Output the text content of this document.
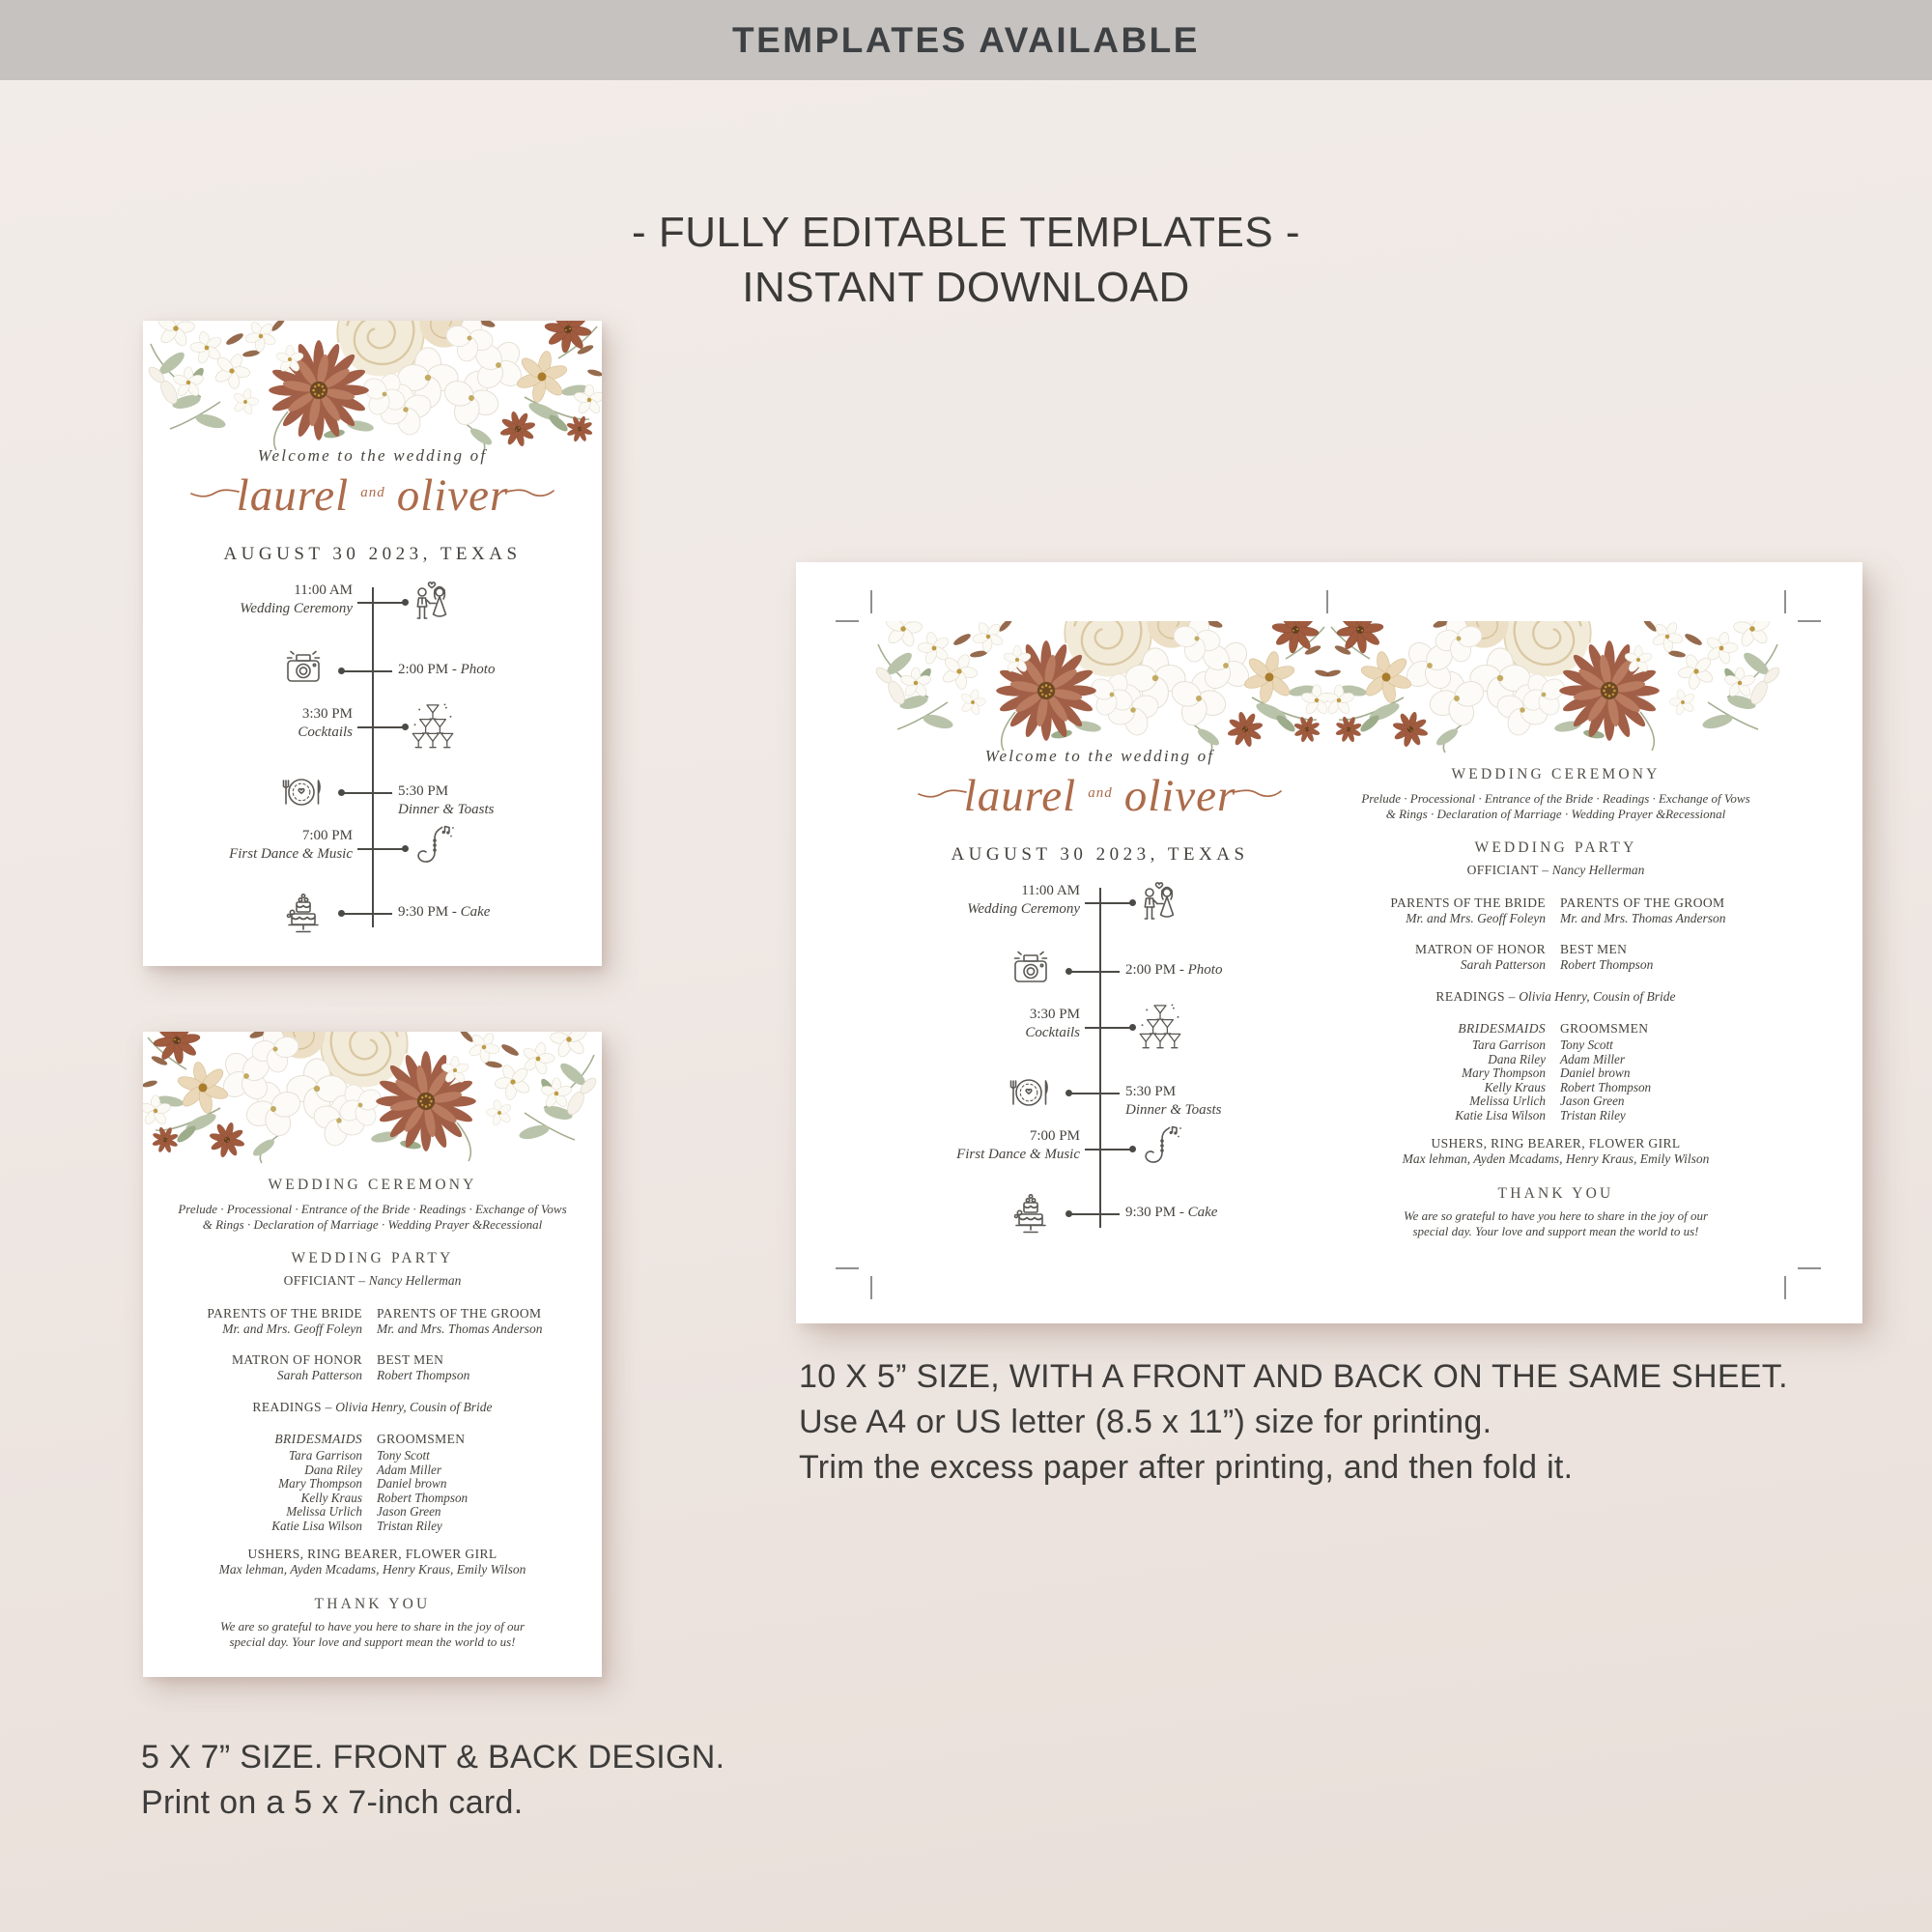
TEMPLATES AVAILABLE
- FULLY EDITABLE TEMPLATES -
INSTANT DOWNLOAD

Welcome to the wedding of

laurel and oliver

AUGUST 30 2023, TEXAS

11:00 AM
Wedding Ceremony

2:00 PM - Photo

3:30 PM
Cocktails

5:30 PM
Dinner & Toasts

7:00 PM
First Dance & Music

9:30 PM - Cake

WEDDING CEREMONY

Prelude · Processional · Entrance of the Bride · Readings · Exchange of Vows
& Rings · Declaration of Marriage · Wedding Prayer &Recessional

WEDDING PARTY

OFFICIANT – Nancy Hellerman

PARENTS OF THE BRIDE
Mr. and Mrs. Geoff Foleyn
PARENTS OF THE GROOM
Mr. and Mrs. Thomas Anderson
MATRON OF HONOR
Sarah Patterson
BEST MEN
Robert Thompson

READINGS – Olivia Henry, Cousin of Bride

BRIDESMAIDS
Tara Garrison
Dana Riley
Mary Thompson
Kelly Kraus
Melissa Urlich
Katie Lisa Wilson
GROOMSMEN
Tony Scott
Adam Miller
Daniel brown
Robert Thompson
Jason Green
Tristan Riley

USHERS, RING BEARER, FLOWER GIRL

Max lehman, Ayden Mcadams, Henry Kraus, Emily Wilson

THANK YOU

We are so grateful to have you here to share in the joy of our
special day. Your love and support mean the world to us!

Welcome to the wedding of

laurel and oliver

AUGUST 30 2023, TEXAS

11:00 AM
Wedding Ceremony

2:00 PM - Photo

3:30 PM
Cocktails

5:30 PM
Dinner & Toasts

7:00 PM
First Dance & Music

9:30 PM - Cake

WEDDING CEREMONY

Prelude · Processional · Entrance of the Bride · Readings · Exchange of Vows
& Rings · Declaration of Marriage · Wedding Prayer &Recessional

WEDDING PARTY

OFFICIANT – Nancy Hellerman

PARENTS OF THE BRIDE
Mr. and Mrs. Geoff Foleyn
PARENTS OF THE GROOM
Mr. and Mrs. Thomas Anderson
MATRON OF HONOR
Sarah Patterson
BEST MEN
Robert Thompson

READINGS – Olivia Henry, Cousin of Bride

BRIDESMAIDS
Tara Garrison
Dana Riley
Mary Thompson
Kelly Kraus
Melissa Urlich
Katie Lisa Wilson
GROOMSMEN
Tony Scott
Adam Miller
Daniel brown
Robert Thompson
Jason Green
Tristan Riley

USHERS, RING BEARER, FLOWER GIRL

Max lehman, Ayden Mcadams, Henry Kraus, Emily Wilson

THANK YOU

We are so grateful to have you here to share in the joy of our
special day. Your love and support mean the world to us!

5 X 7” SIZE. FRONT & BACK DESIGN.
Print on a 5 x 7-inch card.
10 X 5” SIZE, WITH A FRONT AND BACK ON THE SAME SHEET.
Use A4 or US letter (8.5 x 11”) size for printing.
Trim the excess paper after printing, and then fold it.
